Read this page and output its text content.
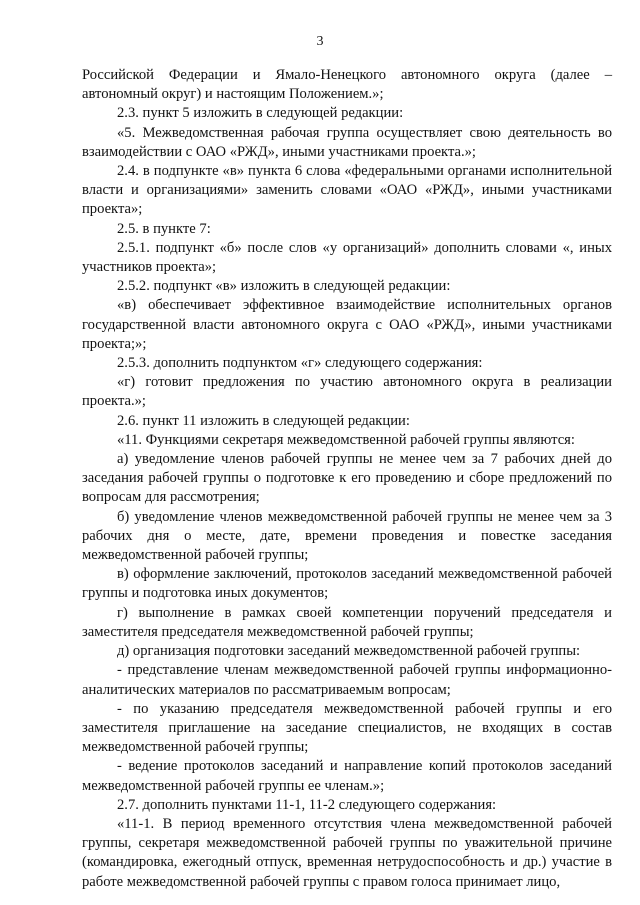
3

Российской Федерации и Ямало-Ненецкого автономного округа (далее – автономный округ) и настоящим Положением.»;

2.3. пункт 5 изложить в следующей редакции:

«5. Межведомственная рабочая группа осуществляет свою деятельность во взаимодействии с ОАО «РЖД», иными участниками проекта.»;

2.4. в подпункте «в» пункта 6 слова «федеральными органами исполнительной власти и организациями» заменить словами «ОАО «РЖД», иными участниками проекта»;

2.5. в пункте 7:

2.5.1. подпункт «б» после слов «у организаций» дополнить словами «, иных участников проекта»;

2.5.2. подпункт «в» изложить в следующей редакции:

«в) обеспечивает эффективное взаимодействие исполнительных органов государственной власти автономного округа с ОАО «РЖД», иными участниками проекта;»;

2.5.3. дополнить подпунктом «г» следующего содержания:

«г) готовит предложения по участию автономного округа в реализации проекта.»;

2.6. пункт 11 изложить в следующей редакции:

«11. Функциями секретаря межведомственной рабочей группы являются:

а) уведомление членов рабочей группы не менее чем за 7 рабочих дней до заседания рабочей группы о подготовке к его проведению и сборе предложений по вопросам для рассмотрения;

б) уведомление членов межведомственной рабочей группы не менее чем за 3 рабочих дня о месте, дате, времени проведения и повестке заседания межведомственной рабочей группы;

в) оформление заключений, протоколов заседаний межведомственной рабочей группы и подготовка иных документов;

г) выполнение в рамках своей компетенции поручений председателя и заместителя председателя межведомственной рабочей группы;

д) организация подготовки заседаний межведомственной рабочей группы:

- представление членам межведомственной рабочей группы информационно-аналитических материалов по рассматриваемым вопросам;

- по указанию председателя межведомственной рабочей группы и его заместителя приглашение на заседание специалистов, не входящих в состав межведомственной рабочей группы;

- ведение протоколов заседаний и направление копий протоколов заседаний межведомственной рабочей группы ее членам.»;

2.7. дополнить пунктами 11-1, 11-2 следующего содержания:

«11-1. В период временного отсутствия члена межведомственной рабочей группы, секретаря межведомственной рабочей группы по уважительной причине (командировка, ежегодный отпуск, временная нетрудоспособность и др.) участие в работе межведомственной рабочей группы с правом голоса принимает лицо,
